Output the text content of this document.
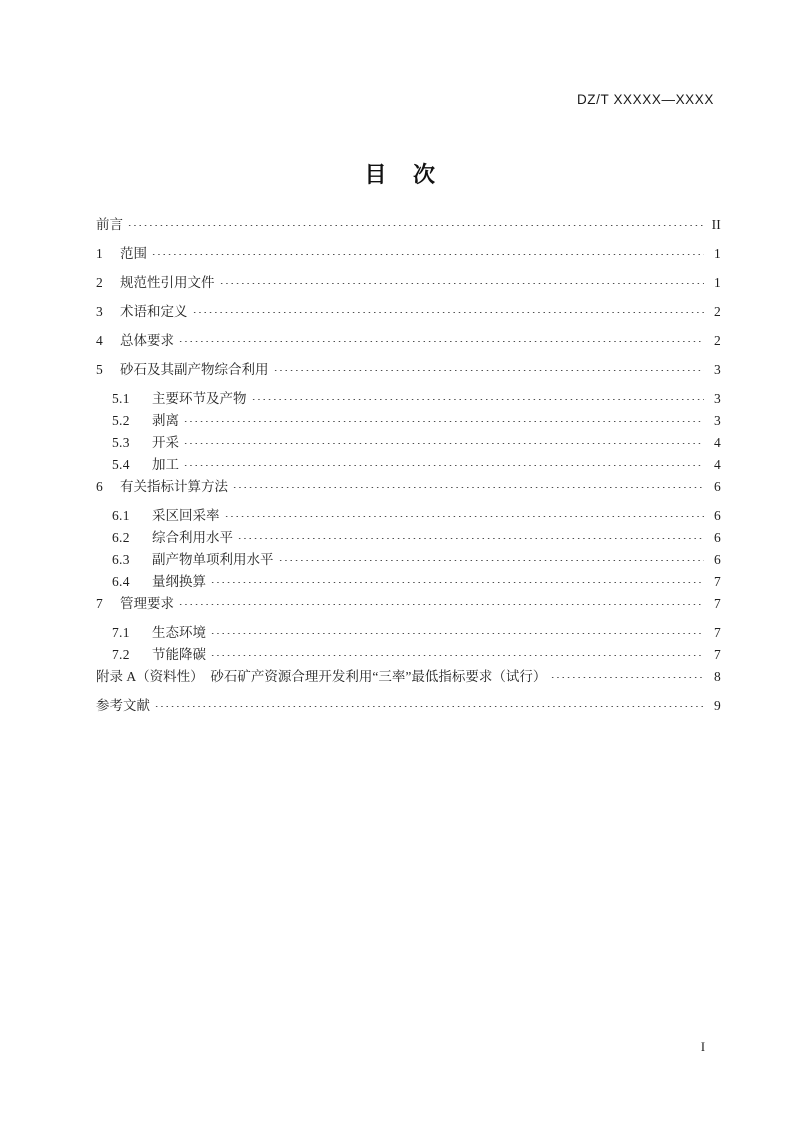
DZ/T XXXXX—XXXX
目 次
前言	II
1	范围	1
2	规范性引用文件	1
3	术语和定义	2
4	总体要求	2
5	砂石及其副产物综合利用	3
5.1	主要环节及产物	3
5.2	剥离	3
5.3	开采	4
5.4	加工	4
6	有关指标计算方法	6
6.1	采区回采率	6
6.2	综合利用水平	6
6.3	副产物单项利用水平	6
6.4	量纲换算	7
7	管理要求	7
7.1	生态环境	7
7.2	节能降碳	7
附录 A（资料性）　砂石矿产资源合理开发利用“三率”最低指标要求（试行）	8
参考文献	9
I
